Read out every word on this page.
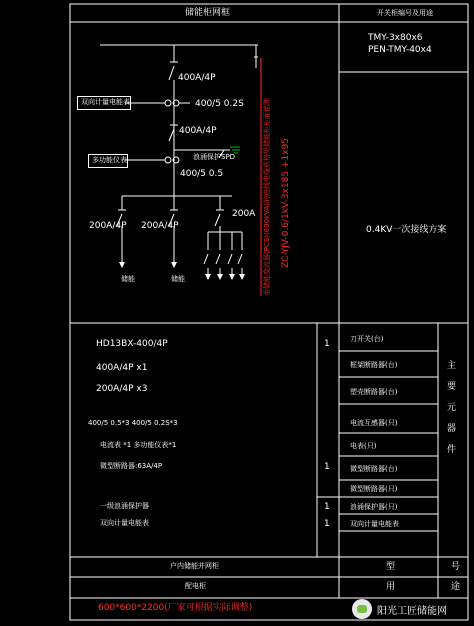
储能柜网框	开关柜编号及用途
TMY-3x80x6
PEN-TMY-40x4
0.4KV一次接线方案
400A/4P
双向计量电能表	400/5 0.2S
400A/4P
多功能仪表	浪涌保护SPD
400/5 0.5
200A/4P 200A/4P
200A
储能	储能	至储能变流器(PCS)(600kVA)的进线电缆规格见储能柜柜面铭牌 ZC-YJV-0.6/1kV-3x185 +1x95
HD13BX-400/4P	1	刀开关(台)
400A/4P x1	框架断路器(台)
200A/4P x3	塑壳断路器(台)
400/5 0.5*3 400/5 0.2S*3	电流互感器(只)
电流表 *1 多功能仪表*1	电表(只)
微型断路器:63A/4P	1	微型断路器(台)
微型断路器(只)
一级浪涌保护器	1	浪涌保护器(只)
双向计量电能表	1	双向计量电能表
主要元器件
户内储能并网柜	型	号
配电柜	用	途
600*600*2200(厂家可根据实际调整)	阳光工匠储能网
